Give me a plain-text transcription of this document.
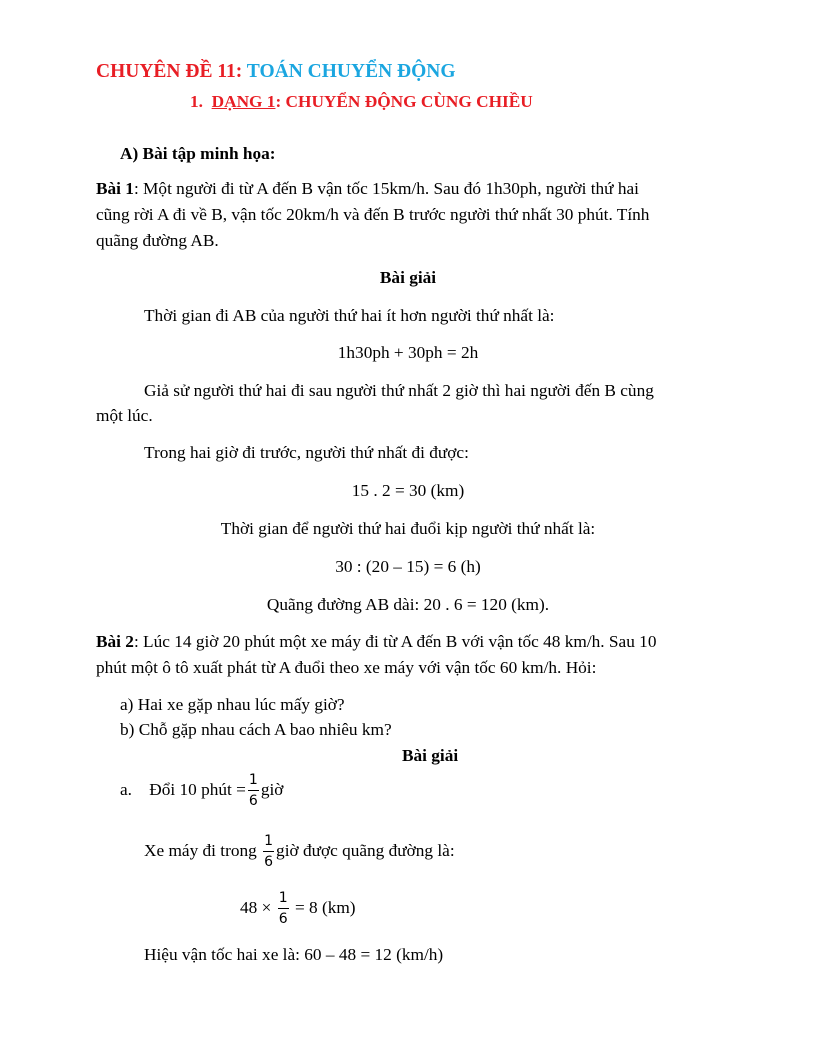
CHUYÊN ĐỀ 11: TOÁN CHUYỂN ĐỘNG
1. DẠNG 1: CHUYỂN ĐỘNG CÙNG CHIỀU
A) Bài tập minh họa:
Bài 1: Một người đi từ A đến B vận tốc 15km/h. Sau đó 1h30ph, người thứ hai
cũng rời A đi về B, vận tốc 20km/h và đến B trước người thứ nhất 30 phút. Tính
quãng đường AB.
Bài giải
Thời gian đi AB của người thứ hai ít hơn người thứ nhất là:
1h30ph + 30ph = 2h
Giả sử người thứ hai đi sau người thứ nhất 2 giờ thì hai người đến B cùng
một lúc.
Trong hai giờ đi trước, người thứ nhất đi được:
15 . 2 = 30 (km)
Thời gian để người thứ hai đuổi kịp người thứ nhất là:
30 : (20 – 15) = 6 (h)
Quãng đường AB dài: 20 . 6 = 120 (km).
Bài 2: Lúc 14 giờ 20 phút một xe máy đi từ A đến B với vận tốc 48 km/h. Sau 10
phút một ô tô xuất phát từ A đuổi theo xe máy với vận tốc 60 km/h. Hỏi:
a) Hai xe gặp nhau lúc mấy giờ?
b) Chỗ gặp nhau cách A bao nhiêu km?
Bài giải
a. Đổi 10 phút = $\frac{1}{6}$ giờ
Xe máy đi trong $\frac{1}{6}$ giờ được quãng đường là:
$48 \times \frac{1}{6} = 8$ (km)
Hiệu vận tốc hai xe là: 60 – 48 = 12 (km/h)
